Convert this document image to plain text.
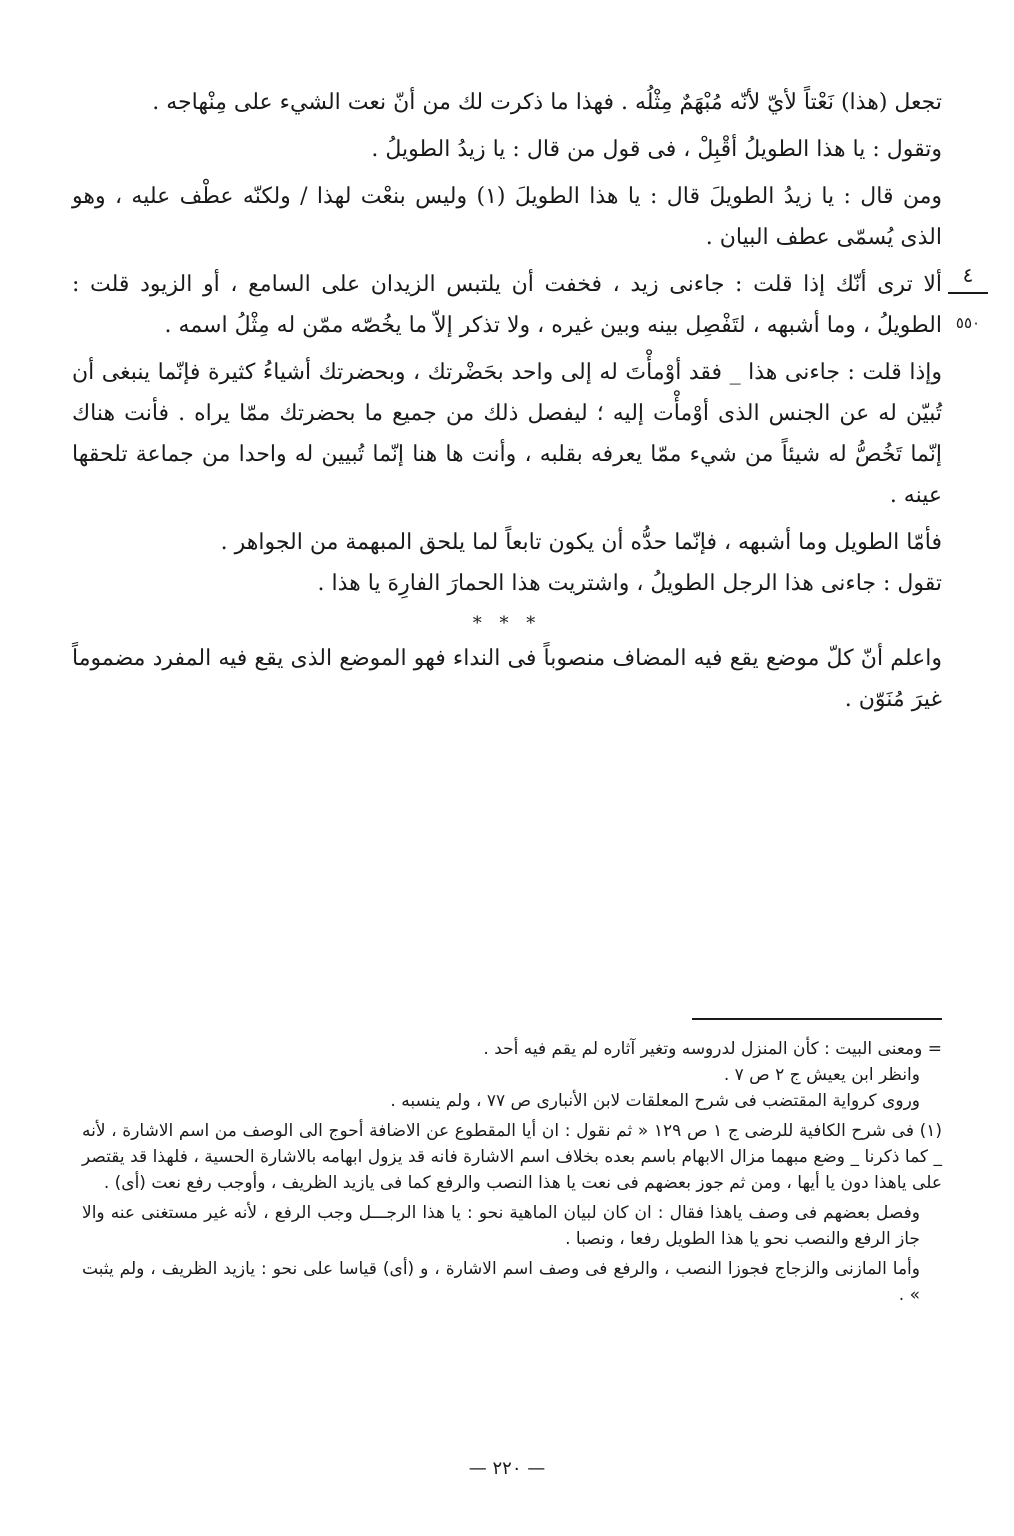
تجعل (هذا) نَعْتاً لأيّ لأنّه مُبْهَمٌ مِثْلُه . فهذا ما ذكرت لك من أنّ نعت الشيء على مِنْهاجه .

وتقول : يا هذا الطويلُ أقْبِلْ ، فى قول من قال : يا زيدُ الطويلُ .

ومن قال : يا زيدُ الطويلَ قال : يا هذا الطويلَ (١) وليس بنعْت لهذا / ولكنّه عطْف عليه ، وهو الذى يُسمّى عطف البيان .

ألا ترى أنّك إذا قلت : جاءنى زيد ، فخفت أن يلتبس الزيدان على السامع ، أو الزيود قلت : الطويلُ ، وما أشبهه ، لتَفْصِل بينه وبين غيره ، ولا تذكر إلاّ ما يخُصّه ممّن له مِثْلُ اسمه .

وإذا قلت : جاءنى هذا _ فقد أوْمأْتَ له إلى واحد بحَضْرتك ، وبحضرتك أشياءُ كثيرة فإنّما ينبغى أن تُبيّن له عن الجنس الذى أوْمأْت إليه ؛ ليفصل ذلك من جميع ما بحضرتك ممّا يراه . فأنت هناك إنّما تَخُصُّ له شيئاً من شيء ممّا يعرفه بقلبه ، وأنت ها هنا إنّما تُبيين له واحدا من جماعة تلحقها عينه .

فأمّا الطويل وما أشبهه ، فإنّما حدُّه أن يكون تابعاً لما يلحق المبهمة من الجواهر .

تقول : جاءنى هذا الرجل الطويلُ ، واشتريت هذا الحمارَ الفارِهَ يا هذا .

* * *

واعلم أنّ كلّ موضع يقع فيه المضاف منصوباً فى النداء فهو الموضع الذى يقع فيه المفرد مضموماً غيرَ مُنَوّن .

٤
٥٥٠

= ومعنى البيت : كأن المنزل لدروسه وتغير آثاره لم يقم فيه أحد .

وانظر ابن يعيش ج ٢ ص ٧ .

وروى كرواية المقتضب فى شرح المعلقات لابن الأنبارى ص ٧٧ ، ولم ينسبه .

(١) فى شرح الكافية للرضى ج ١ ص ١٢٩ « ثم نقول : ان أيا المقطوع عن الاضافة أحوج الى الوصف من اسم الاشارة ، لأنه _ كما ذكرنا _ وضع مبهما مزال الابهام باسم بعده بخلاف اسم الاشارة فانه قد يزول ابهامه بالاشارة الحسية ، فلهذا قد يقتصر على ياهذا دون يا أيها ، ومن ثم جوز بعضهم فى نعت يا هذا النصب والرفع كما فى يازيد الظريف ، وأوجب رفع نعت (أى) .

وفصل بعضهم فى وصف ياهذا فقال : ان كان لبيان الماهية نحو : يا هذا الرجـــل وجب الرفع ، لأنه غير مستغنى عنه والا جاز الرفع والنصب نحو يا هذا الطويل رفعا ، ونصبا .

وأما المازنى والزجاج فجوزا النصب ، والرفع فى وصف اسم الاشارة ، و (أى) قياسا على نحو : يازيد الظريف ، ولم يثبت » .

— ٢٢٠ —
